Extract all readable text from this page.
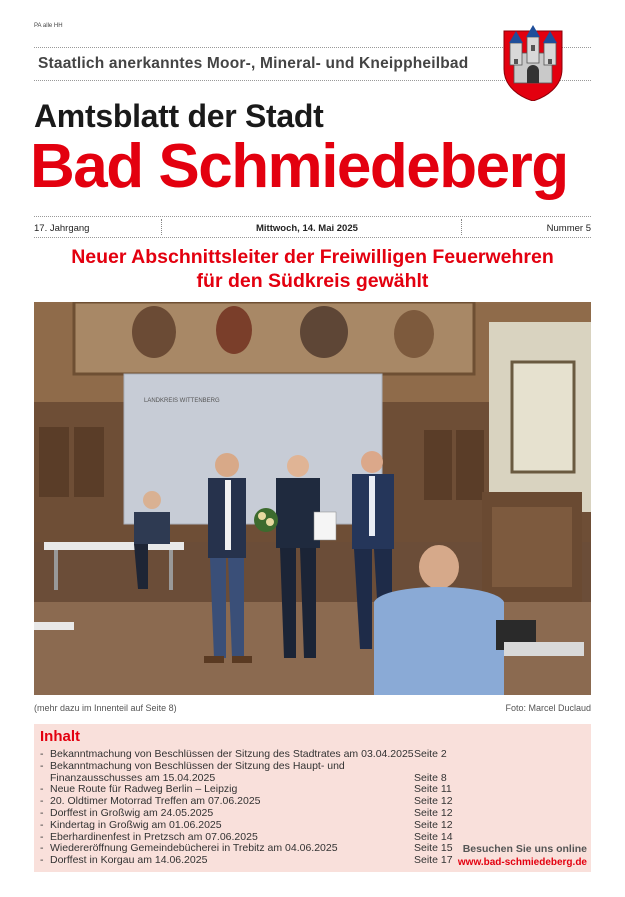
PA alle HH
Staatlich anerkanntes Moor-, Mineral- und Kneippheilbad
Amtsblatt der Stadt
Bad Schmiedeberg
17. Jahrgang	Mittwoch, 14. Mai 2025	Nummer 5
Neuer Abschnittsleiter der Freiwilligen Feuerwehren
für den Südkreis gewählt
LANDKREIS WITTENBERG
(mehr dazu im Innenteil auf Seite 8)	Foto: Marcel Duclaud
Inhalt
- Bekanntmachung von Beschlüssen der Sitzung des Stadtrates am 03.04.2025 Seite 2
- Bekanntmachung von Beschlüssen der Sitzung des Haupt- und
Finanzausschusses am 15.04.2025	Seite 8
- Neue Route für Radweg Berlin – Leipzig	Seite 11
- 20. Oldtimer Motorrad Treffen am 07.06.2025	Seite 12
- Dorffest in Großwig am 24.05.2025	Seite 12
- Kindertag in Großwig am 01.06.2025	Seite 12
- Eberhardinenfest in Pretzsch am 07.06.2025	Seite 14
- Wiedereröffnung Gemeindebücherei in Trebitz am 04.06.2025	Seite 15
- Dorffest in Korgau am 14.06.2025	Seite 17
Besuchen Sie uns online
www.bad-schmiedeberg.de
